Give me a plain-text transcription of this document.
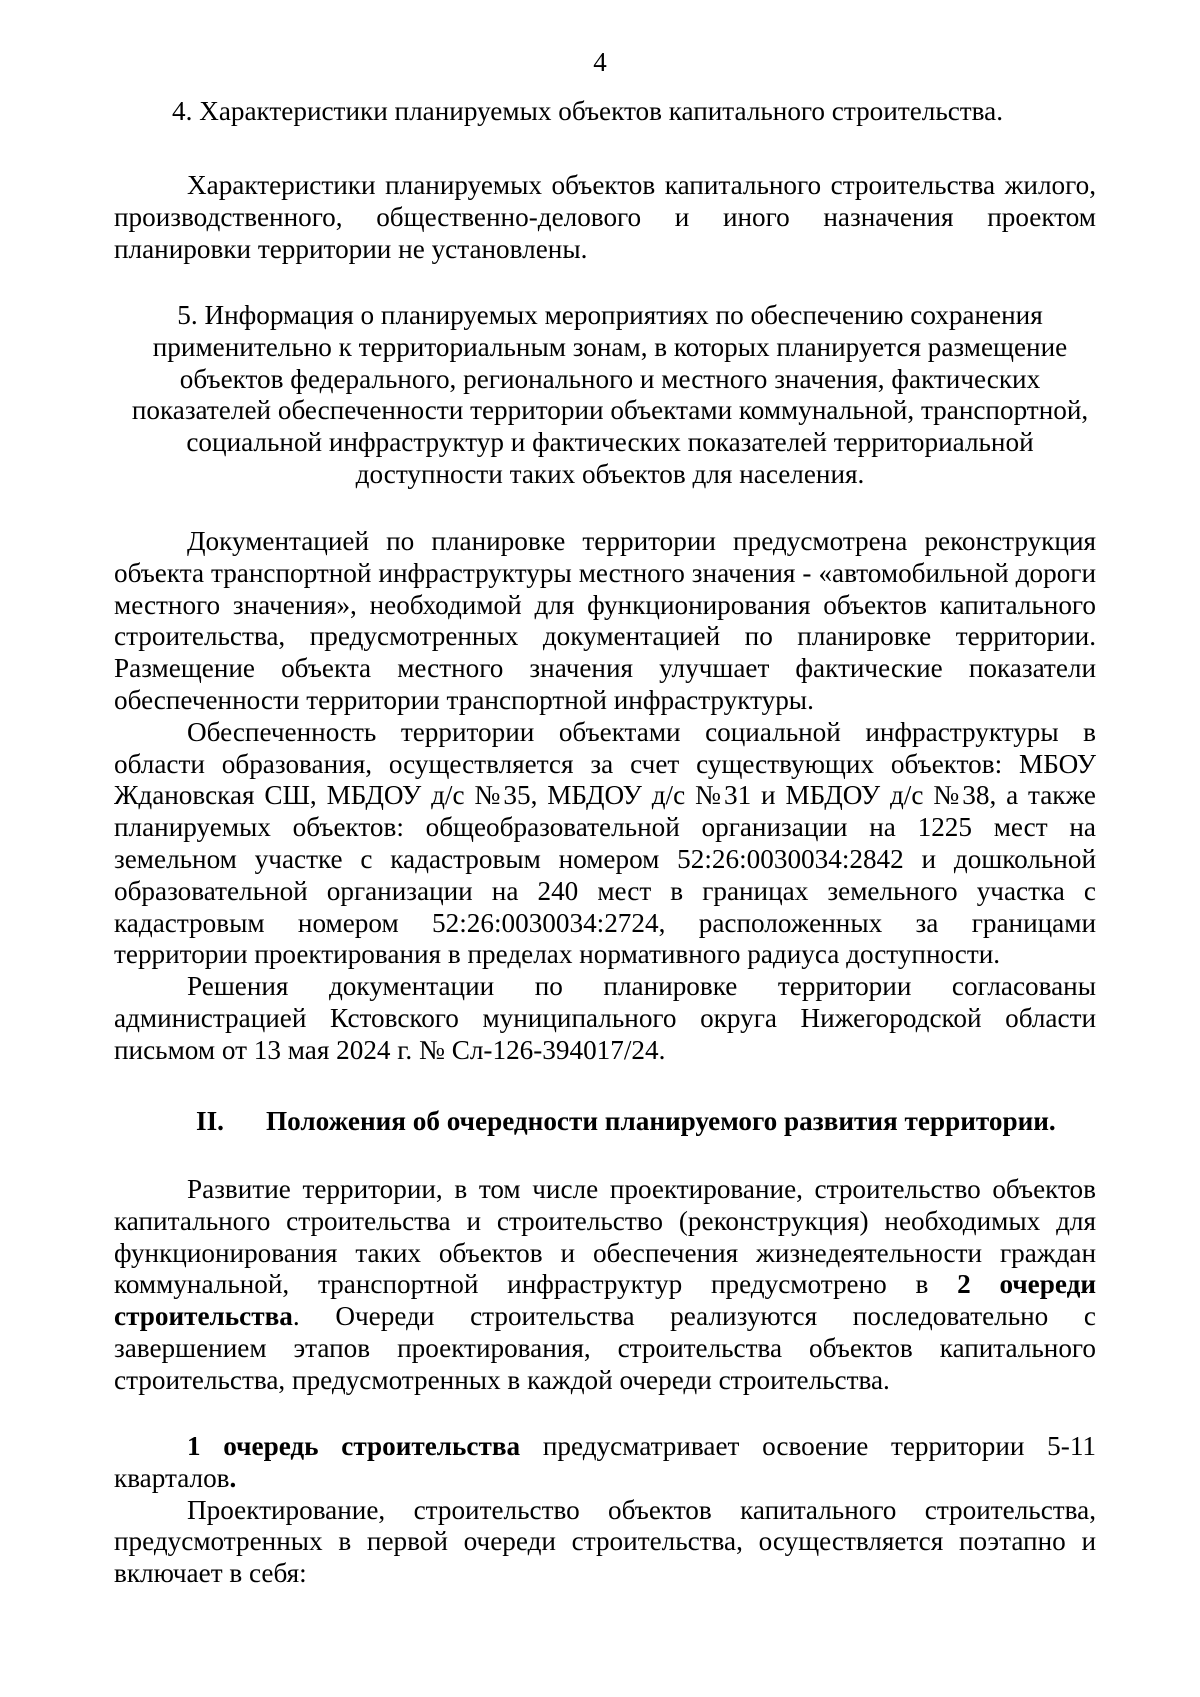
4

4. Характеристики планируемых объектов капитального строительства.

Характеристики планируемых объектов капитального строительства жилого, производственного, общественно-делового и иного назначения проектом планировки территории не установлены.

5. Информация о планируемых мероприятиях по обеспечению сохранения применительно к территориальным зонам, в которых планируется размещение объектов федерального, регионального и местного значения, фактических показателей обеспеченности территории объектами коммунальной, транспортной, социальной инфраструктур и фактических показателей территориальной доступности таких объектов для населения.

Документацией по планировке территории предусмотрена реконструкция объекта транспортной инфраструктуры местного значения - «автомобильной дороги местного значения», необходимой для функционирования объектов капитального строительства, предусмотренных документацией по планировке территории. Размещение объекта местного значения улучшает фактические показатели обеспеченности территории транспортной инфраструктуры.

Обеспеченность территории объектами социальной инфраструктуры в области образования, осуществляется за счет существующих объектов: МБОУ Ждановская СШ, МБДОУ д/с №35, МБДОУ д/с №31 и МБДОУ д/с №38, а также планируемых объектов: общеобразовательной организации на 1225 мест на земельном участке с кадастровым номером 52:26:0030034:2842 и дошкольной образовательной организации на 240 мест в границах земельного участка с кадастровым номером 52:26:0030034:2724, расположенных за границами территории проектирования в пределах нормативного радиуса доступности.

Решения документации по планировке территории согласованы администрацией Кстовского муниципального округа Нижегородской области письмом от 13 мая 2024 г. № Сл-126-394017/24.

II. Положения об очередности планируемого развития территории.

Развитие территории, в том числе проектирование, строительство объектов капитального строительства и строительство (реконструкция) необходимых для функционирования таких объектов и обеспечения жизнедеятельности граждан коммунальной, транспортной инфраструктур предусмотрено в 2 очереди строительства. Очереди строительства реализуются последовательно с завершением этапов проектирования, строительства объектов капитального строительства, предусмотренных в каждой очереди строительства.

1 очередь строительства предусматривает освоение территории 5-11 кварталов.

Проектирование, строительство объектов капитального строительства, предусмотренных в первой очереди строительства, осуществляется поэтапно и включает в себя:
